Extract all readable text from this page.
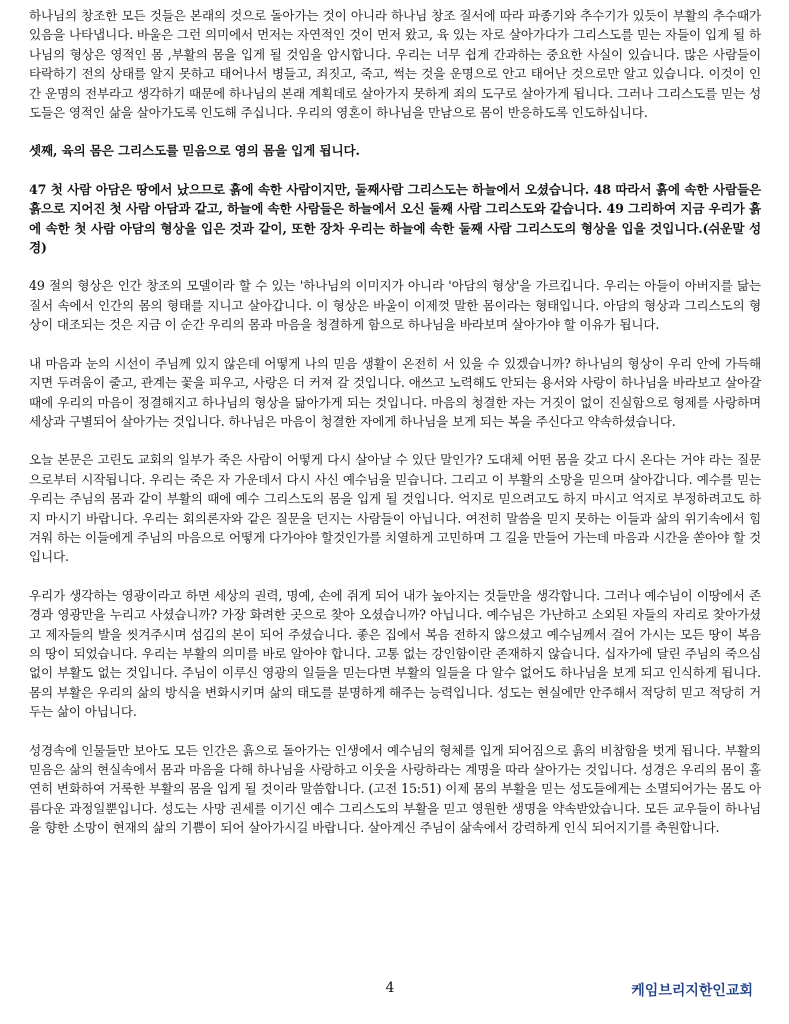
하나님의 창조한 모든 것들은 본래의 것으로 돌아가는 것이 아니라 하나님 창조 질서에 따라 파종기와 추수기가 있듯이 부활의 추수때가 있음을 나타냅니다. 바울은 그런 의미에서 먼저는 자연적인 것이 먼저 왔고, 육 있는 자로 살아가다가 그리스도를 믿는 자들이 입게 될 하나님의 형상은 영적인 몸 ,부활의 몸을 입게 될 것임을 암시합니다. 우리는 너무 쉽게 간과하는 중요한 사실이 있습니다. 많은 사람들이 타락하기 전의 상태를 알지 못하고 태어나서 병들고, 죄짓고, 죽고, 썩는 것을 운명으로 안고 태어난 것으로만 알고 있습니다. 이것이 인간 운명의 전부라고 생각하기 때문에 하나님의 본래 계획데로 살아가지 못하게 죄의 도구로 살아가게 됩니다. 그러나 그리스도를 믿는 성도들은 영적인 삶을 살아가도록 인도해 주십니다. 우리의 영혼이 하나님을 만남으로 몸이 반응하도록 인도하십니다.

셋째, 육의 몸은 그리스도를 믿음으로 영의 몸을 입게 됩니다.

47 첫 사람 아담은 땅에서 났으므로 흙에 속한 사람이지만, 둘째사람 그리스도는 하늘에서 오셨습니다. 48 따라서 흙에 속한 사람들은 흙으로 지어진 첫 사람 아담과 같고, 하늘에 속한 사람들은 하늘에서 오신 둘째 사람 그리스도와 같습니다. 49 그리하여 지금 우리가 흙에 속한 첫 사람 아담의 형상을 입은 것과 같이, 또한 장차 우리는 하늘에 속한 둘째 사람 그리스도의 형상을 입을 것입니다.(쉬운말 성경)

49 절의 형상은 인간 창조의 모델이라 할 수 있는 '하나님의 이미지가 아니라 '아담의 형상'을 가르킵니다. 우리는 아들이 아버지를 닮는 질서 속에서 인간의 몸의 형태를 지니고 살아갑니다. 이 형상은 바울이 이제껏 말한 몸이라는 형태입니다. 아담의 형상과 그리스도의 형상이 대조되는 것은 지금 이 순간 우리의 몸과 마음을 청결하게 함으로 하나님을 바라보며 살아가야 할 이유가 됩니다.

내 마음과 눈의 시선이 주님께 있지 않은데 어떻게 나의 믿음 생활이 온전히 서 있을 수 있겠습니까? 하나님의 형상이 우리 안에 가득해 지면 두려움이 줄고, 관계는 꽃을 피우고, 사랑은 더 커져 갈 것입니다. 애쓰고 노력해도 안되는 용서와 사랑이 하나님을 바라보고 살아갈 때에 우리의 마음이 정결해지고 하나님의 형상을 닮아가게 되는 것입니다. 마음의 청결한 자는 거짓이 없이 진실함으로 형제를 사랑하며 세상과 구별되어 살아가는 것입니다. 하나님은 마음이 청결한 자에게 하나님을 보게 되는 복을 주신다고 약속하셨습니다.

오늘 본문은 고린도 교회의 일부가 죽은 사람이 어떻게 다시 살아날 수 있단 말인가? 도대체 어떤 몸을 갖고 다시 온다는 거야 라는 질문으로부터 시작됩니다. 우리는 죽은 자 가운데서 다시 사신 예수님을 믿습니다. 그리고 이 부활의 소망을 믿으며 살아갑니다. 예수를 믿는 우리는 주님의 몸과 같이 부활의 때에 예수 그리스도의 몸을 입게 될 것입니다. 억지로 믿으려고도 하지 마시고 억지로 부정하려고도 하지 마시기 바랍니다. 우리는 회의론자와 같은 질문을 던지는 사람들이 아닙니다. 여전히 말씀을 믿지 못하는 이들과 삶의 위기속에서 힘겨워 하는 이들에게 주님의 마음으로 어떻게 다가아야 할것인가를 치열하게 고민하며 그 길을 만들어 가는데 마음과 시간을 쏟아야 할 것입니다.

우리가 생각하는 영광이라고 하면 세상의 권력, 명예, 손에 쥐게 되어 내가 높아지는 것들만을 생각합니다. 그러나 예수님이 이땅에서 존경과 영광만을 누리고 사셨습니까? 가장 화려한 곳으로 찾아 오셨습니까? 아닙니다. 예수님은 가난하고 소외된 자들의 자리로 찾아가셨고 제자들의 발을 씻겨주시며 섬김의 본이 되어 주셨습니다. 좋은 집에서 복음 전하지 않으셨고 예수님께서 걸어 가시는 모든 땅이 복음의 땅이 되었습니다. 우리는 부활의 의미를 바로 알아야 합니다. 고통 없는 강인함이란 존재하지 않습니다. 십자가에 달린 주님의 죽으심 없이 부활도 없는 것입니다. 주님이 이루신 영광의 일들을 믿는다면 부활의 일들을 다 알수 없어도 하나님을 보게 되고 인식하게 됩니다. 몸의 부활은 우리의 삶의 방식을 변화시키며 삶의 태도를 분명하게 해주는 능력입니다. 성도는 현실에만 안주해서 적당히 믿고 적당히 거두는 삶이 아닙니다.

성경속에 인물들만 보아도 모든 인간은 흙으로 돌아가는 인생에서 예수님의 형체를 입게 되어짐으로 흙의 비참함을 벗게 됩니다. 부활의 믿음은 삶의 현실속에서 몸과 마음을 다해 하나님을 사랑하고 이웃을 사랑하라는 계명을 따라 살아가는 것입니다. 성경은 우리의 몸이 홀연히 변화하여 거룩한 부활의 몸을 입게 될 것이라 말씀합니다. (고전 15:51) 이제 몸의 부활을 믿는 성도들에게는 소멸되어가는 몸도 아름다운 과정일뿐입니다. 성도는 사망 권세를 이기신 예수 그리스도의 부활을 믿고 영원한 생명을 약속받았습니다. 모든 교우들이 하나님을 향한 소망이 현재의 삶의 기쁨이 되어 살아가시길 바랍니다. 살아계신 주님이 삶속에서 강력하게 인식 되어지기를 축원합니다.

4	케임브리지한인교회
